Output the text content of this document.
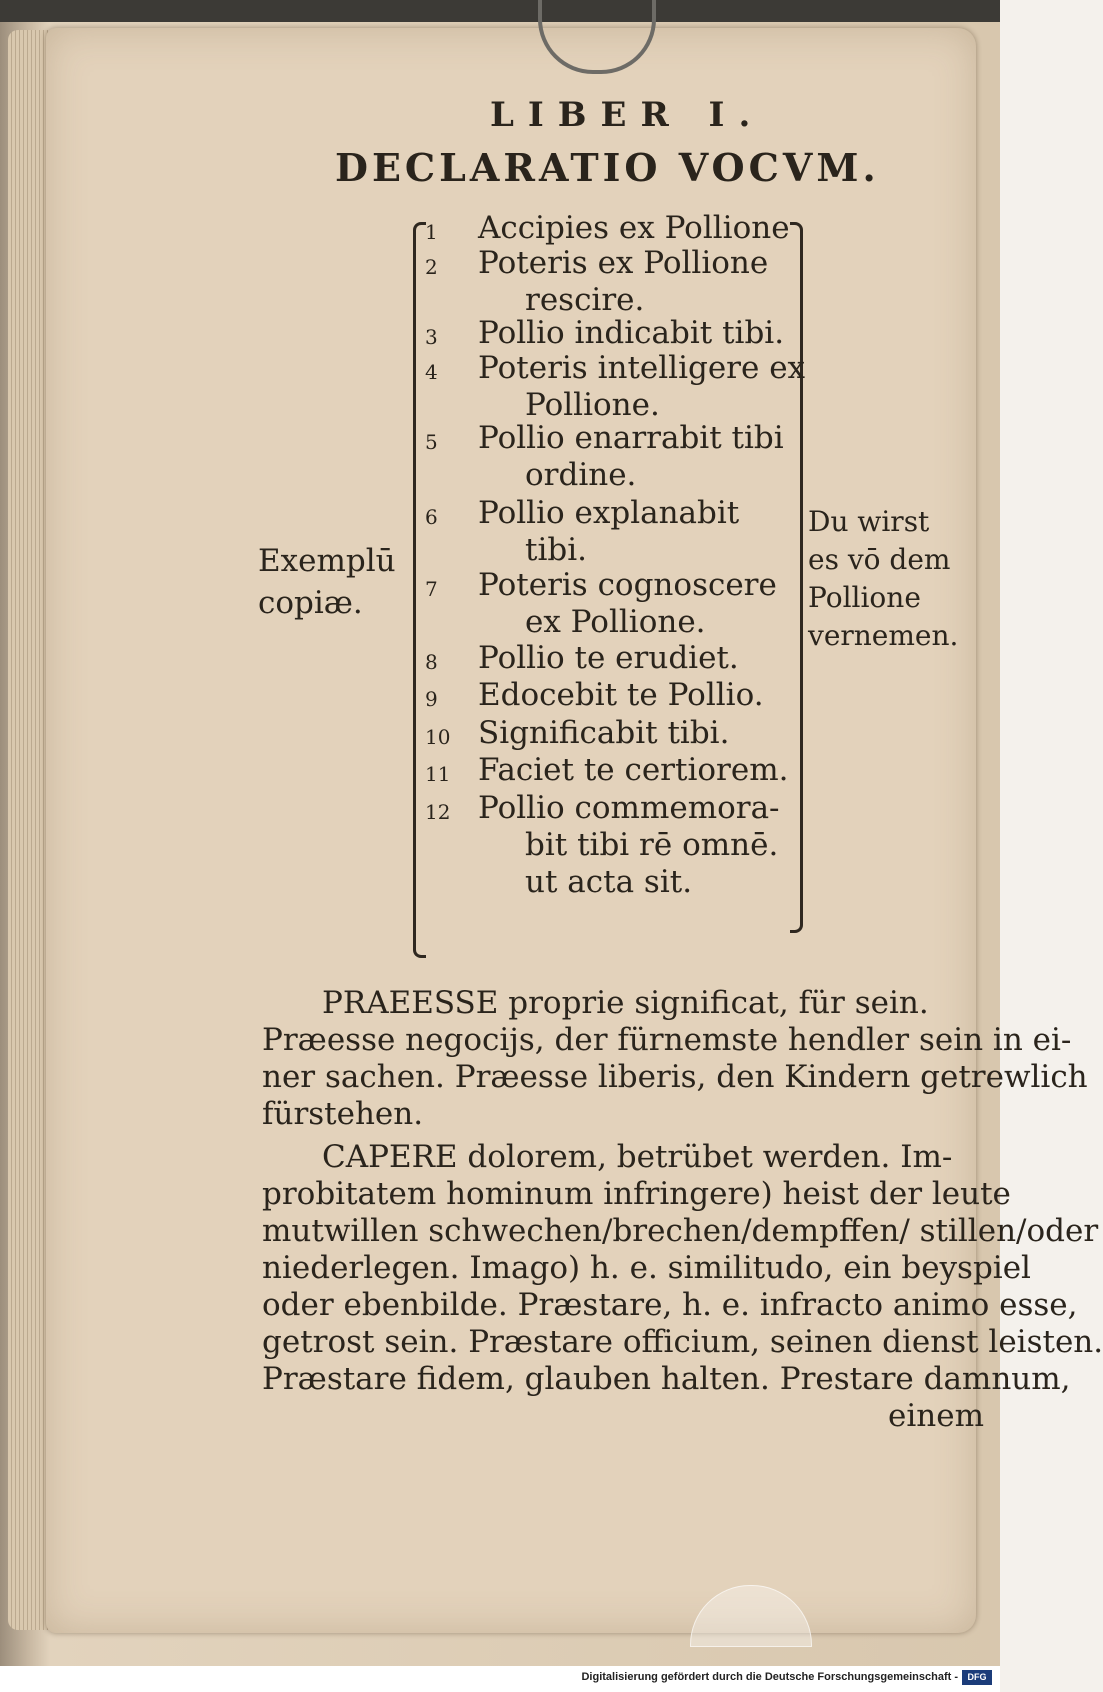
LIBER I.
DECLARATIO VOCVM.
1 Accipies ex Pollione
2 Poteris ex Pollione
rescire.
3 Pollio indicabit tibi.
4 Poteris intelligere ex
Pollione.
5 Pollio enarrabit tibi
ordine.
6 Pollio explanabit
tibi.
7 Poteris cognoscere
ex Pollione.
8 Pollio te erudiet.
9 Edocebit te Pollio.
10 Significabit tibi.
11 Faciet te certiorem.
12 Pollio commemora-
bit tibi rē omnē.
ut acta sit.
Exemplū
copiæ.
Du wirst
es vō dem
Pollione
vernemen.
PRAEESSE proprie significat, für sein.
Præesse negocijs, der fürnemste hendler sein in ei-
ner sachen. Præesse liberis, den Kindern getrewlich
fürstehen.
CAPERE dolorem, betrübet werden. Im-
probitatem hominum infringere) heist der leute
mutwillen schwechen/brechen/dempffen/ stillen/oder
niederlegen. Imago) h. e. similitudo, ein beyspiel
oder ebenbilde. Præstare, h. e. infracto animo esse,
getrost sein. Præstare officium, seinen dienst leisten.
Præstare fidem, glauben halten. Prestare damnum,
einem
Digitalisierung gefördert durch die Deutsche Forschungsgemeinschaft -	DFG
